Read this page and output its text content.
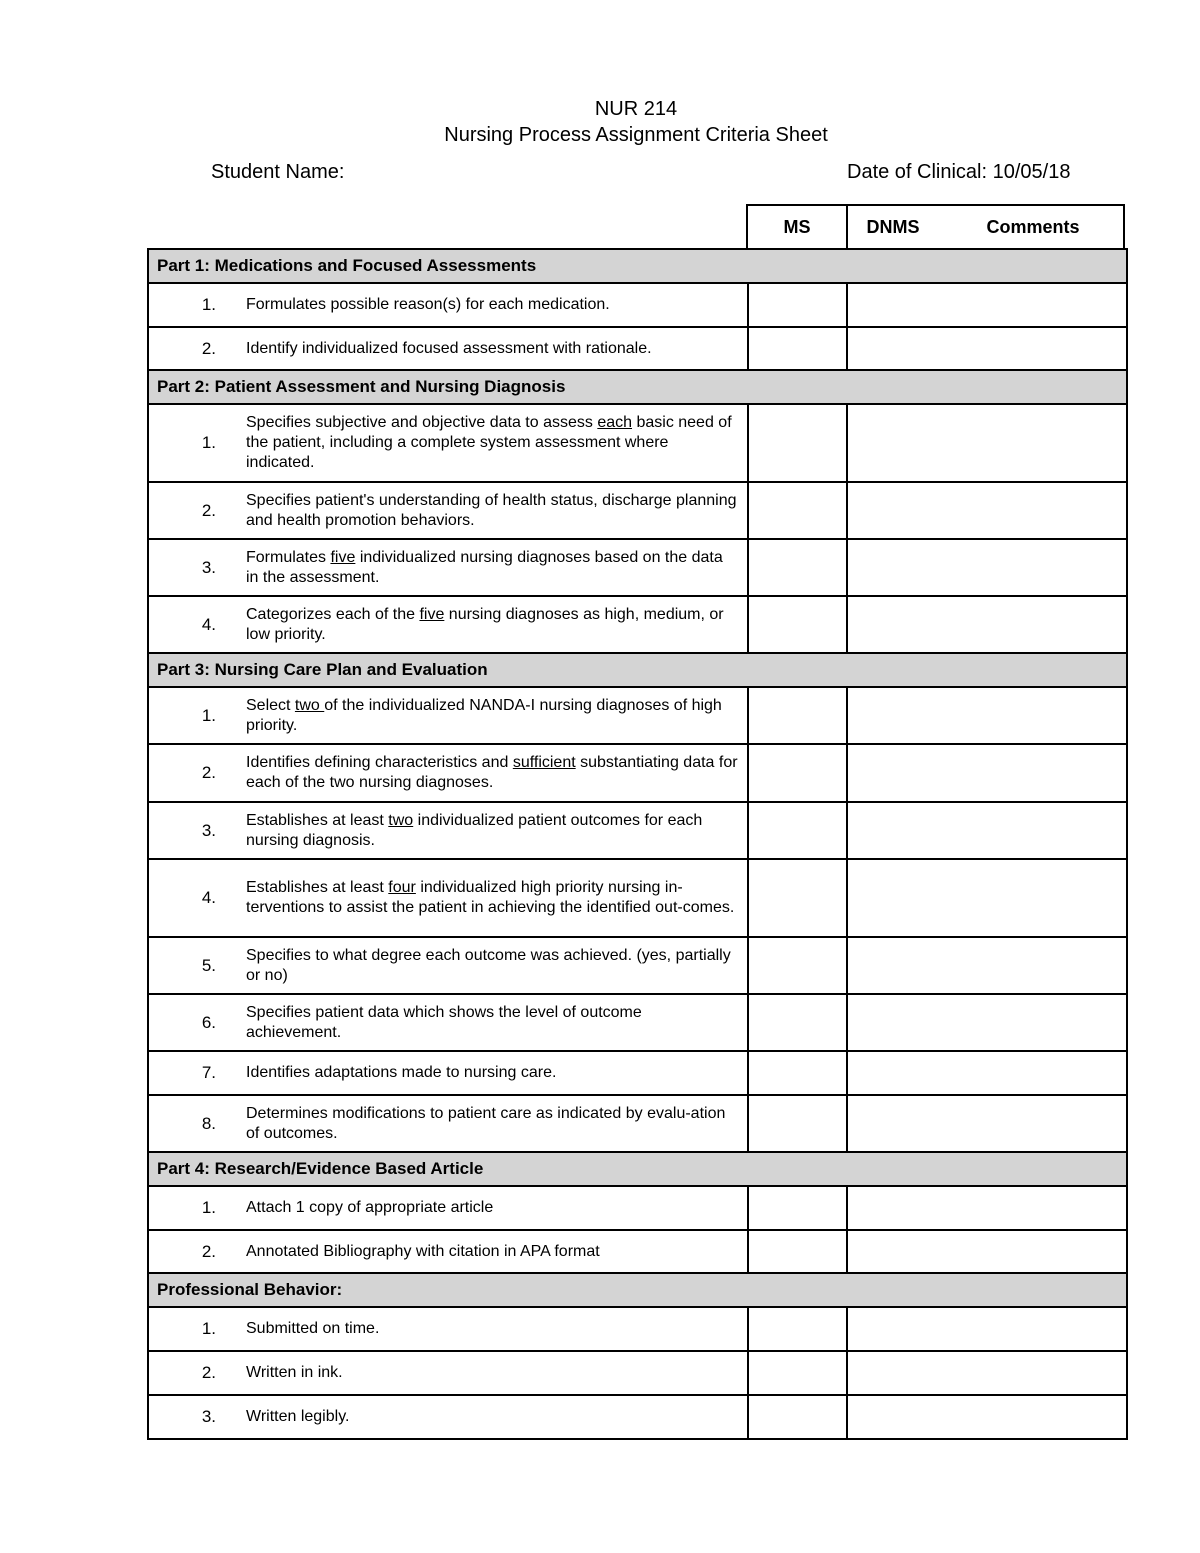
NUR 214
Nursing Process Assignment Criteria Sheet
Student Name:	Date of Clinical: 10/05/18
MS	DNMS	Comments
Part 1: Medications and Focused Assessments		

1. Formulates possible reason(s) for each medication.		

2. Identify individualized focused assessment with rationale.		

Part 2: Patient Assessment and Nursing Diagnosis		

1.
Specifies subjective and objective data to assess each basic need of the patient, including a complete system assessment where indicated.		

2.
Specifies patient's understanding of health status, discharge planning and health promotion behaviors.		

3.
Formulates five individualized nursing diagnoses based on the data in the assessment.		

4.
Categorizes each of the five nursing diagnoses as high, medium, or low priority.		

Part 3: Nursing Care Plan and Evaluation		

1.
Select two of the individualized NANDA-I nursing diagnoses of high priority.		

2.
Identifies defining characteristics and sufficient substantiating data for each of the two nursing diagnoses.		

3.
Establishes at least two individualized patient outcomes for each nursing diagnosis.		

4.
Establishes at least four individualized high priority nursing in-terventions to assist the patient in achieving the identified out-comes.		

5.
Specifies to what degree each outcome was achieved. (yes, partially or no)		

6.
Specifies patient data which shows the level of outcome achievement.		

7. Identifies adaptations made to nursing care.		

8.
Determines modifications to patient care as indicated by evalu-ation of outcomes.		

Part 4: Research/Evidence Based Article		

1. Attach 1 copy of appropriate article		

2. Annotated Bibliography with citation in APA format		

Professional Behavior:		

1. Submitted on time.		

2. Written in ink.		

3. Written legibly.		
